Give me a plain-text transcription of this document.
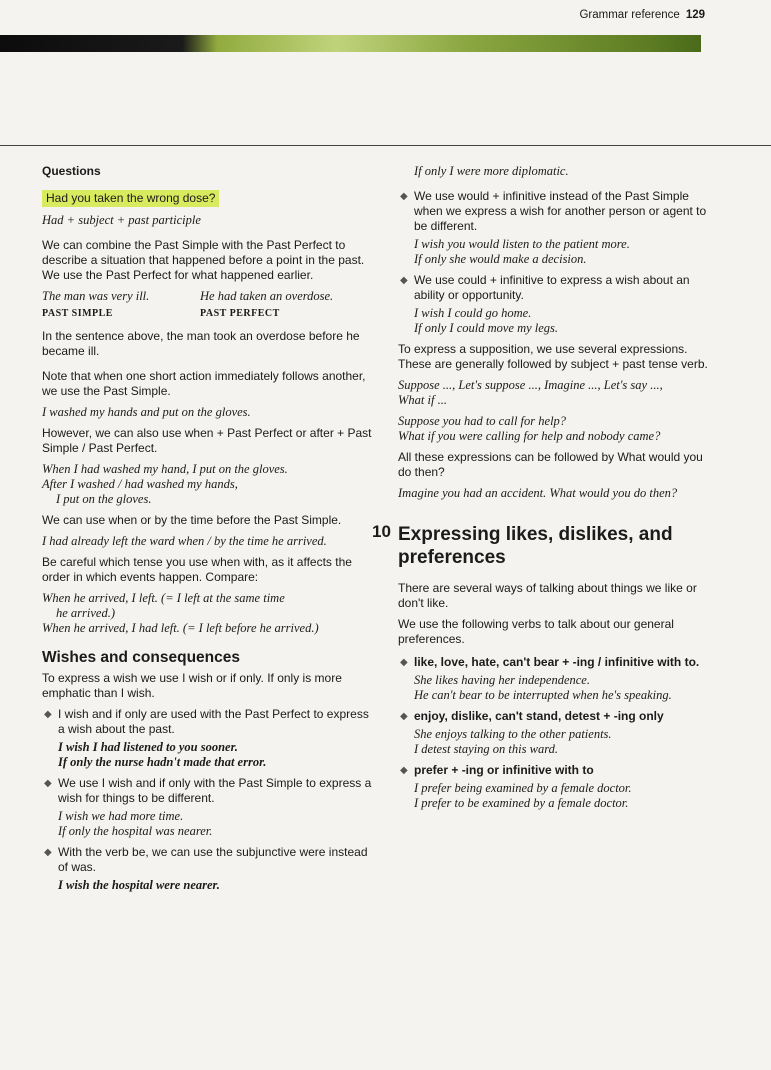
Grammar reference 129
Questions
Had you taken the wrong dose?
Had + subject + past participle
We can combine the Past Simple with the Past Perfect to describe a situation that happened before a point in the past. We use the Past Perfect for what happened earlier.
The man was very ill.	He had taken an overdose.
PAST SIMPLE	PAST PERFECT
In the sentence above, the man took an overdose before he became ill.
Note that when one short action immediately follows another, we use the Past Simple.
I washed my hands and put on the gloves.
However, we can also use when + Past Perfect or after + Past Simple / Past Perfect.
When I had washed my hand, I put on the gloves.
After I washed / had washed my hands,
I put on the gloves.
We can use when or by the time before the Past Simple.
I had already left the ward when / by the time he arrived.
Be careful which tense you use when with, as it affects the order in which events happen. Compare:
When he arrived, I left. (= I left at the same time
he arrived.)
When he arrived, I had left. (= I left before he arrived.)
Wishes and consequences
To express a wish we use I wish or if only. If only is more emphatic than I wish.
◆ I wish and if only are used with the Past Perfect to express a wish about the past.
I wish I had listened to you sooner.
If only the nurse hadn't made that error.
◆ We use I wish and if only with the Past Simple to express a wish for things to be different.
I wish we had more time.
If only the hospital was nearer.
◆ With the verb be, we can use the subjunctive were instead of was.
I wish the hospital were nearer.
If only I were more diplomatic.
◆ We use would + infinitive instead of the Past Simple when we express a wish for another person or agent to be different.
I wish you would listen to the patient more.
If only she would make a decision.
◆ We use could + infinitive to express a wish about an ability or opportunity.
I wish I could go home.
If only I could move my legs.
To express a supposition, we use several expressions. These are generally followed by subject + past tense verb.
Suppose ..., Let's suppose ..., Imagine ..., Let's say ...,
What if ...
Suppose you had to call for help?
What if you were calling for help and nobody came?
All these expressions can be followed by What would you do then?
Imagine you had an accident. What would you do then?
10 Expressing likes, dislikes, and preferences
There are several ways of talking about things we like or don't like.
We use the following verbs to talk about our general preferences.
◆ like, love, hate, can't bear + -ing / infinitive with to.
She likes having her independence.
He can't bear to be interrupted when he's speaking.
◆ enjoy, dislike, can't stand, detest + -ing only
She enjoys talking to the other patients.
I detest staying on this ward.
◆ prefer + -ing or infinitive with to
I prefer being examined by a female doctor.
I prefer to be examined by a female doctor.
